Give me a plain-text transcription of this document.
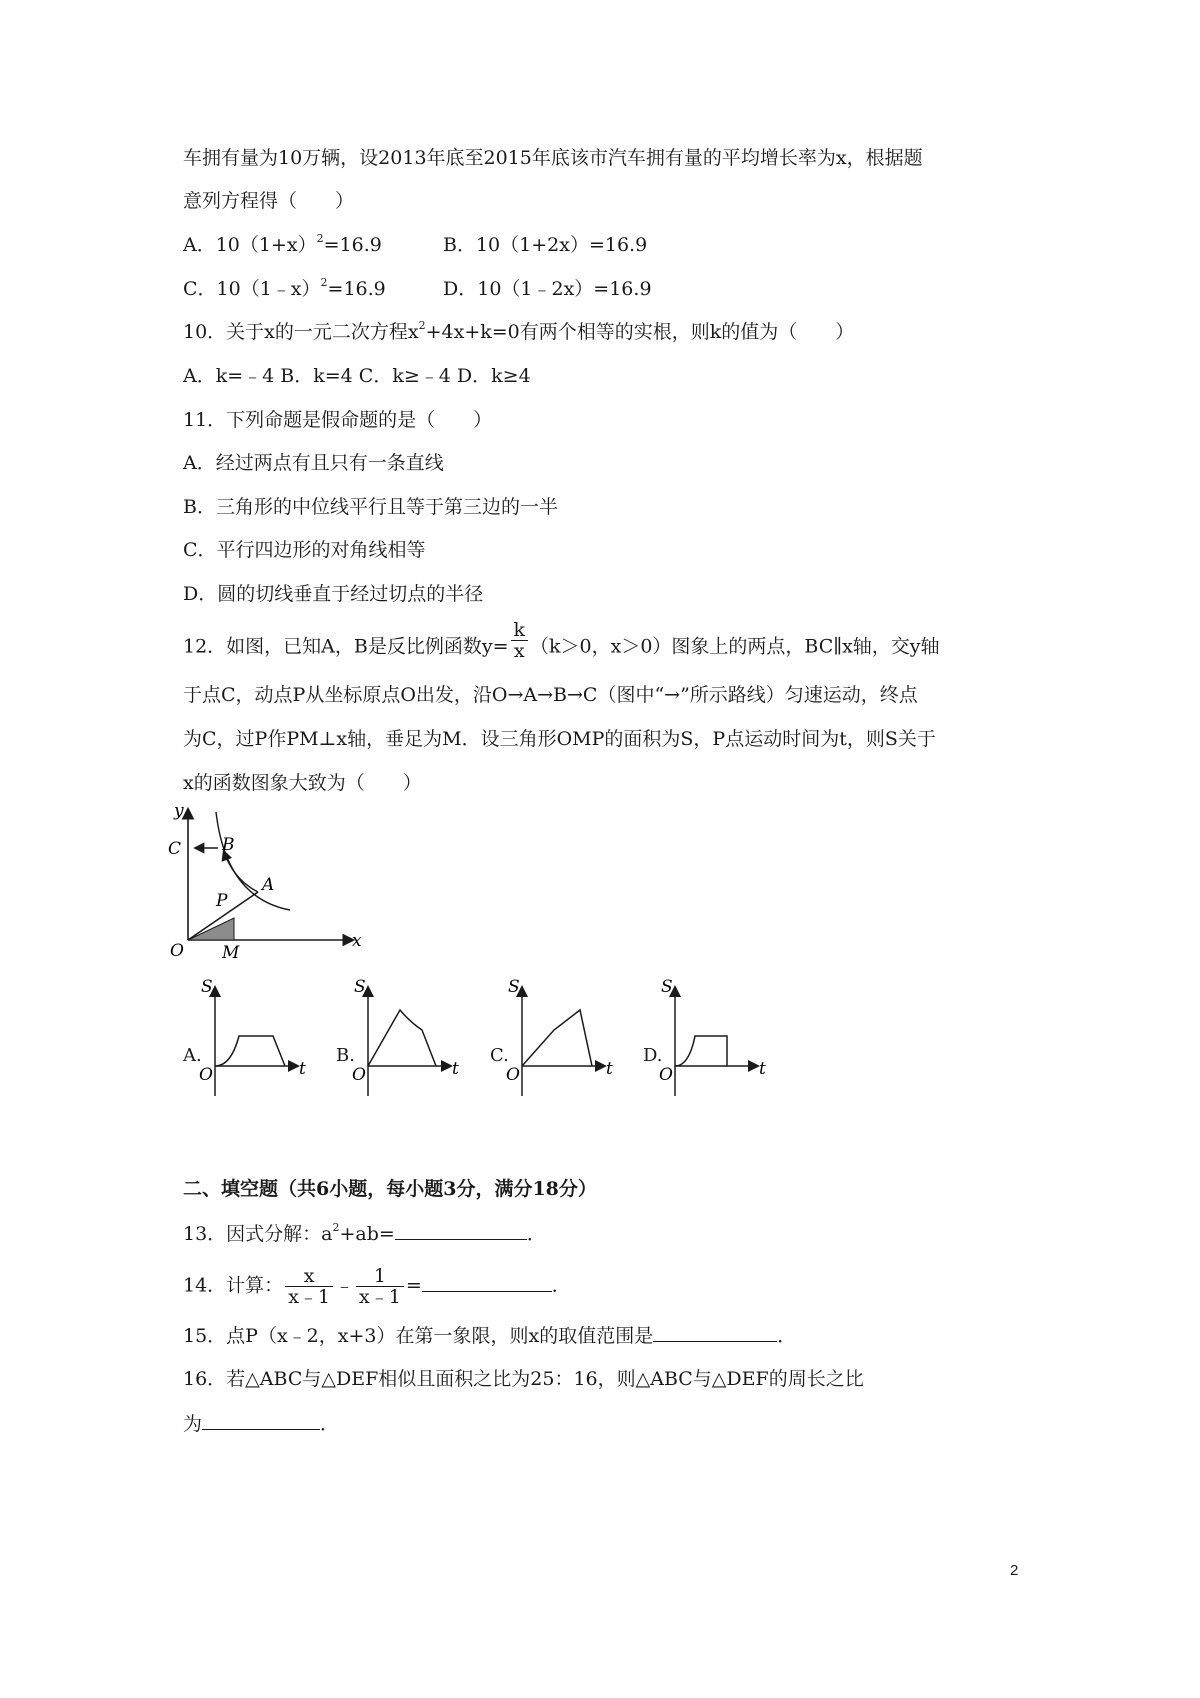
车拥有量为10万辆，设2013年底至2015年底该市汽车拥有量的平均增长率为x，根据题
意列方程得（　　）
A．$10(1+x)^2=16.9$	B．10（1+2x）=16.9
C．10（1﹣x）$^2$=16.9	D．10（1﹣2x）=16.9
10．关于x的一元二次方程$x^2+4x+k=0$有两个相等的实根，则k的值为（　　）
A．k=﹣4 B．k=4 C．k≥﹣4 D．k≥4
11．下列命题是假命题的是（　　）
A．经过两点有且只有一条直线
B．三角形的中位线平行且等于第三边的一半
C．平行四边形的对角线相等
D．圆的切线垂直于经过切点的半径
12．如图，已知A，B是反比例函数$y= \frac{k}{x} (k>0$，x＞0）图象上的两点，BC∥x轴，交y轴
于点C，动点P从坐标原点O出发，沿O→A→B→C（图中“→”所示路线）匀速运动，终点
为C，过P作PM⊥x轴，垂足为M．设三角形OMP的面积为S，P点运动时间为t，则S关于
x的函数图象大致为（　　）
y
x
O
C B
A
P
M
A.
S
t
O
B.
S
t
O
C.
S
t
O
D.
S
t
O
二、填空题（共6小题，每小题3分，满分18分）
13．因式分解：$a^2+ab=$	．
14．计算： $\frac{x}{x﹣1}$ ﹣ $\frac{1}{x﹣1}$ =	．
15．点P（x﹣2，x+3）在第一象限，则x的取值范围是	．
16．若△ABC与△DEF相似且面积之比为25：16，则△ABC与△DEF的周长之比
为	．
2
